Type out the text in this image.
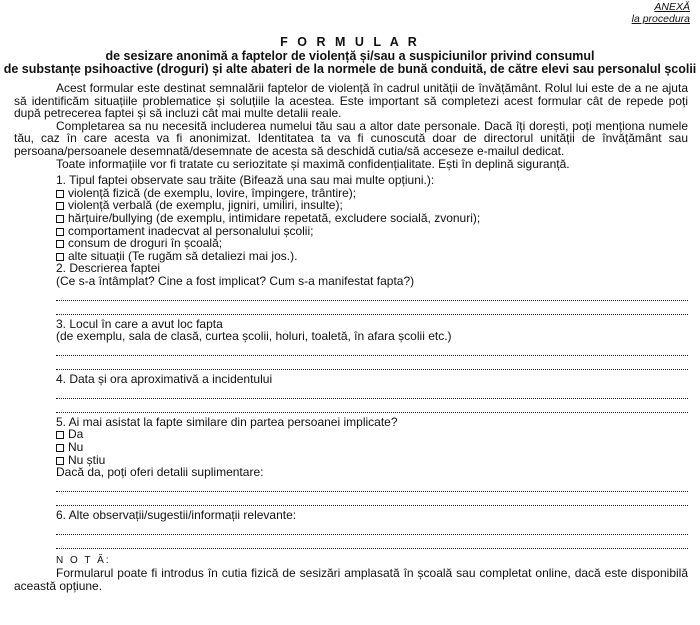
ANEXĂ
la procedura
F O R M U L A R
de sesizare anonimă a faptelor de violență și/sau a suspiciunilor privind consumul
de substanțe psihoactive (droguri) și alte abateri de la normele de bună conduită, de către elevi sau personalul școlii

Acest formular este destinat semnalării faptelor de violență în cadrul unității de învățământ. Rolul lui este de a ne ajuta să identificăm situațiile problematice și soluțiile la acestea. Este important să completezi acest formular cât de repede poți după petrecerea faptei și să incluzi cât mai multe detalii reale.

Completarea sa nu necesită includerea numelui tău sau a altor date personale. Dacă îți dorești, poți menționa numele tău, caz în care acesta va fi anonimizat. Identitatea ta va fi cunoscută doar de directorul unității de învățământ sau persoana/persoanele desemnată/desemnate de acesta să deschidă cutia/să acceseze e-mailul dedicat.

Toate informațiile vor fi tratate cu seriozitate și maximă confidențialitate. Ești în deplină siguranță.

1. Tipul faptei observate sau trăite (Bifează una sau mai multe opțiuni.):
violență fizică (de exemplu, lovire, împingere, trântire);
violență verbală (de exemplu, jigniri, umiliri, insulte);
hărțuire/bullying (de exemplu, intimidare repetată, excludere socială, zvonuri);
comportament inadecvat al personalului școlii;
consum de droguri în școală;
alte situații (Te rugăm să detaliezi mai jos.).
2. Descrierea faptei
(Ce s-a întâmplat? Cine a fost implicat? Cum s-a manifestat fapta?)
3. Locul în care a avut loc fapta
(de exemplu, sala de clasă, curtea școlii, holuri, toaletă, în afara școlii etc.)
4. Data și ora aproximativă a incidentului
5. Ai mai asistat la fapte similare din partea persoanei implicate?
Da
Nu
Nu știu
Dacă da, poți oferi detalii suplimentare:
6. Alte observații/sugestii/informații relevante:
N O T Ă:

Formularul poate fi introdus în cutia fizică de sesizări amplasată în școală sau completat online, dacă este disponibilă această opțiune.
